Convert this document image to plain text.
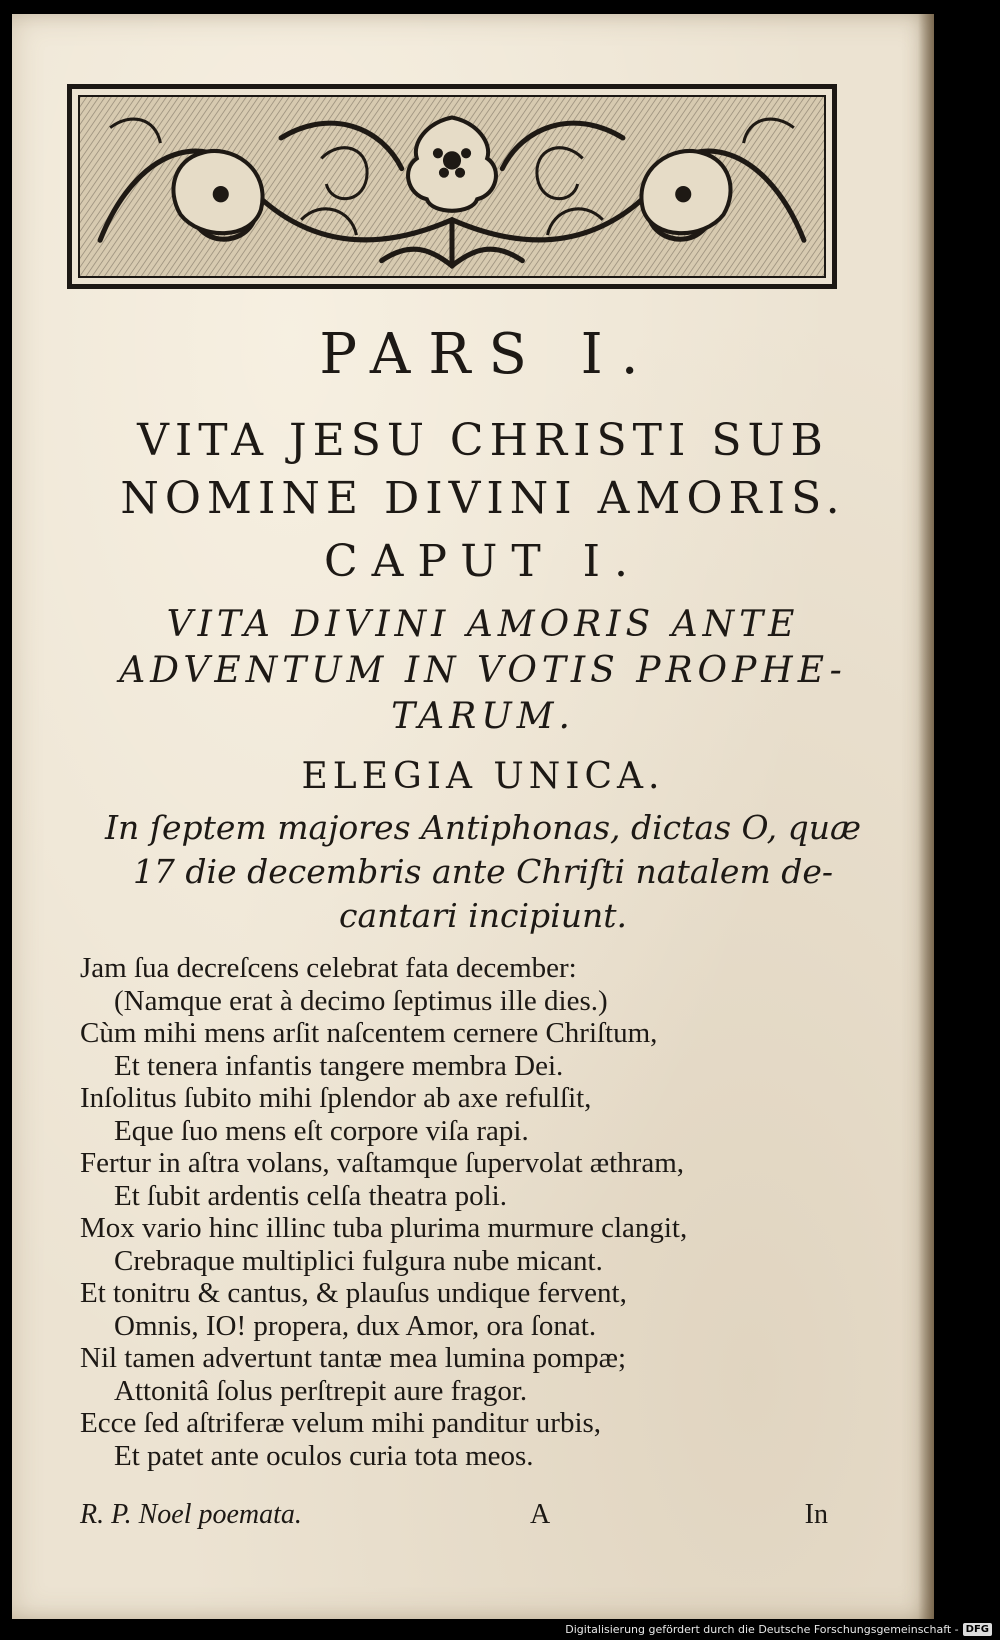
PARS I.
VITA JESU CHRISTI SUB
NOMINE DIVINI AMORIS.
CAPUT I.
VITA DIVINI AMORIS ANTE
ADVENTUM IN VOTIS PROPHE-
TARUM.
ELEGIA UNICA.
In ſeptem majores Antiphonas, dictas O, quæ
17 die decembris ante Chriſti natalem de-
cantari incipiunt.
Jam ſua decreſcens celebrat fata december:
(Namque erat à decimo ſeptimus ille dies.)
Cùm mihi mens arſit naſcentem cernere Chriſtum,
Et tenera infantis tangere membra Dei.
Inſolitus ſubito mihi ſplendor ab axe refulſit,
Eque ſuo mens eſt corpore viſa rapi.
Fertur in aſtra volans, vaſtamque ſupervolat æthram,
Et ſubit ardentis celſa theatra poli.
Mox vario hinc illinc tuba plurima murmure clangit,
Crebraque multiplici fulgura nube micant.
Et tonitru & cantus, & plauſus undique fervent,
Omnis, IO! propera, dux Amor, ora ſonat.
Nil tamen advertunt tantæ mea lumina pompæ;
Attonitâ ſolus perſtrepit aure fragor.
Ecce ſed aſtriferæ velum mihi panditur urbis,
Et patet ante oculos curia tota meos.
R. P. Noel poemata.	A	In
Digitalisierung gefördert durch die Deutsche Forschungsgemeinschaft - DFG
